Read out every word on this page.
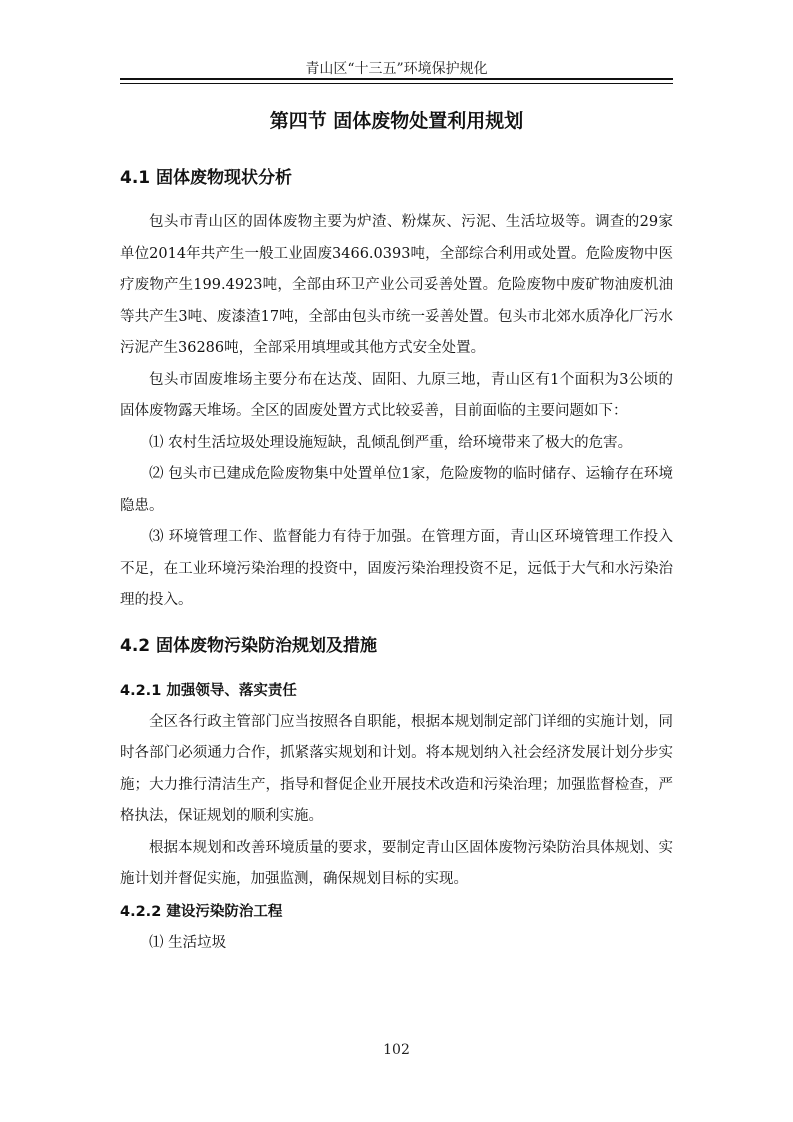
青山区“十三五”环境保护规化
第四节 固体废物处置利用规划
4.1 固体废物现状分析

包头市青山区的固体废物主要为炉渣、粉煤灰、污泥、生活垃圾等。调查的29家单位2014年共产生一般工业固废3466.0393吨，全部综合利用或处置。危险废物中医疗废物产生199.4923吨，全部由环卫产业公司妥善处置。危险废物中废矿物油废机油等共产生3吨、废漆渣17吨，全部由包头市统一妥善处置。包头市北郊水质净化厂污水污泥产生36286吨，全部采用填埋或其他方式安全处置。

包头市固废堆场主要分布在达茂、固阳、九原三地，青山区有1个面积为3公顷的固体废物露天堆场。全区的固废处置方式比较妥善，目前面临的主要问题如下：

⑴ 农村生活垃圾处理设施短缺，乱倾乱倒严重，给环境带来了极大的危害。

⑵ 包头市已建成危险废物集中处置单位1家，危险废物的临时储存、运输存在环境隐患。

⑶ 环境管理工作、监督能力有待于加强。在管理方面，青山区环境管理工作投入不足，在工业环境污染治理的投资中，固废污染治理投资不足，远低于大气和水污染治理的投入。

4.2 固体废物污染防治规划及措施
4.2.1 加强领导、落实责任

全区各行政主管部门应当按照各自职能，根据本规划制定部门详细的实施计划，同时各部门必须通力合作，抓紧落实规划和计划。将本规划纳入社会经济发展计划分步实施；大力推行清洁生产，指导和督促企业开展技术改造和污染治理；加强监督检查，严格执法，保证规划的顺利实施。

根据本规划和改善环境质量的要求，要制定青山区固体废物污染防治具体规划、实施计划并督促实施，加强监测，确保规划目标的实现。

4.2.2 建设污染防治工程

⑴ 生活垃圾

102
